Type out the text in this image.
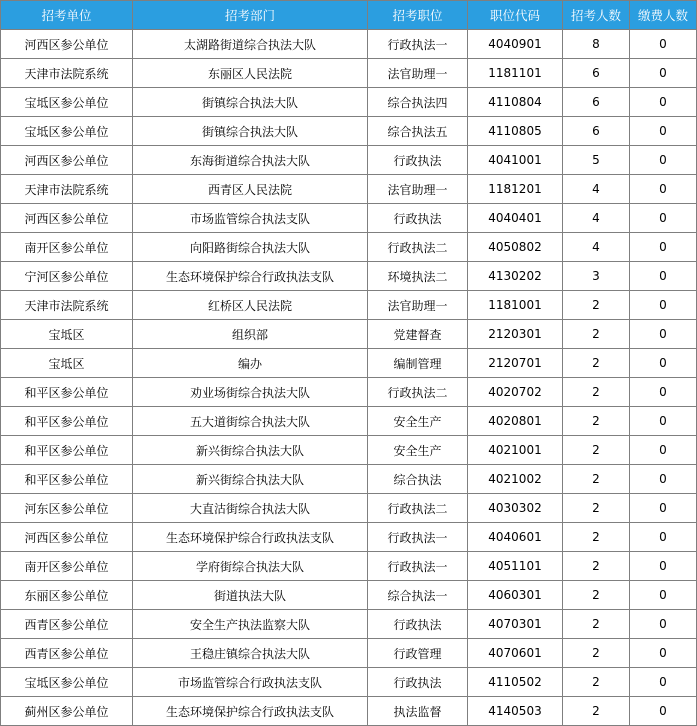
招考单位	招考部门	招考职位	职位代码	招考人数	缴费人数
河西区参公单位	太湖路街道综合执法大队	行政执法一	4040901	8	0
天津市法院系统	东丽区人民法院	法官助理一	1181101	6	0
宝坻区参公单位	街镇综合执法大队	综合执法四	4110804	6	0
宝坻区参公单位	街镇综合执法大队	综合执法五	4110805	6	0
河西区参公单位	东海街道综合执法大队	行政执法	4041001	5	0
天津市法院系统	西青区人民法院	法官助理一	1181201	4	0
河西区参公单位	市场监管综合执法支队	行政执法	4040401	4	0
南开区参公单位	向阳路街综合执法大队	行政执法二	4050802	4	0
宁河区参公单位	生态环境保护综合行政执法支队	环境执法二	4130202	3	0
天津市法院系统	红桥区人民法院	法官助理一	1181001	2	0
宝坻区	组织部	党建督查	2120301	2	0
宝坻区	编办	编制管理	2120701	2	0
和平区参公单位	劝业场街综合执法大队	行政执法二	4020702	2	0
和平区参公单位	五大道街综合执法大队	安全生产	4020801	2	0
和平区参公单位	新兴街综合执法大队	安全生产	4021001	2	0
和平区参公单位	新兴街综合执法大队	综合执法	4021002	2	0
河东区参公单位	大直沽街综合执法大队	行政执法二	4030302	2	0
河西区参公单位	生态环境保护综合行政执法支队	行政执法一	4040601	2	0
南开区参公单位	学府街综合执法大队	行政执法一	4051101	2	0
东丽区参公单位	街道执法大队	综合执法一	4060301	2	0
西青区参公单位	安全生产执法监察大队	行政执法	4070301	2	0
西青区参公单位	王稳庄镇综合执法大队	行政管理	4070601	2	0
宝坻区参公单位	市场监管综合行政执法支队	行政执法	4110502	2	0
蓟州区参公单位	生态环境保护综合行政执法支队	执法监督	4140503	2	0
